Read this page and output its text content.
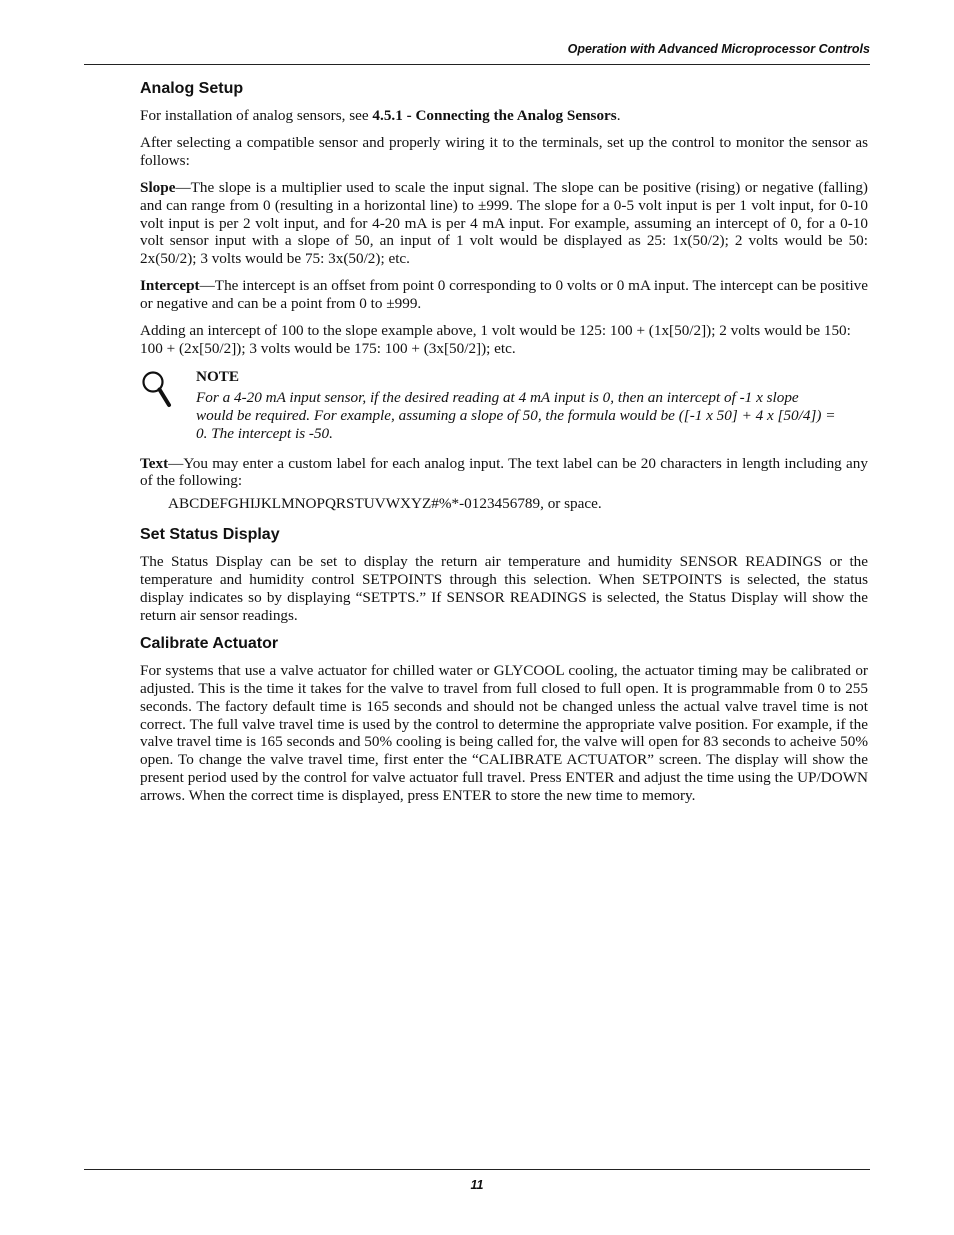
Operation with Advanced Microprocessor Controls
Analog Setup

For installation of analog sensors, see 4.5.1 - Connecting the Analog Sensors.

After selecting a compatible sensor and properly wiring it to the terminals, set up the control to monitor the sensor as follows:

Slope—The slope is a multiplier used to scale the input signal. The slope can be positive (rising) or negative (falling) and can range from 0 (resulting in a horizontal line) to ±999. The slope for a 0-5 volt input is per 1 volt input, for 0-10 volt input is per 2 volt input, and for 4-20 mA is per 4 mA input. For example, assuming an intercept of 0, for a 0-10 volt sensor input with a slope of 50, an input of 1 volt would be displayed as 25: 1x(50/2); 2 volts would be 50: 2x(50/2); 3 volts would be 75: 3x(50/2); etc.

Intercept—The intercept is an offset from point 0 corresponding to 0 volts or 0 mA input. The intercept can be positive or negative and can be a point from 0 to ±999.

Adding an intercept of 100 to the slope example above, 1 volt would be 125: 100 + (1x[50/2]); 2 volts would be 150: 100 + (2x[50/2]); 3 volts would be 175: 100 + (3x[50/2]); etc.

NOTE
For a 4-20 mA input sensor, if the desired reading at 4 mA input is 0, then an intercept of -1 x slope would be required. For example, assuming a slope of 50, the formula would be ([-1 x 50] + 4 x [50/4]) = 0. The intercept is -50.

Text—You may enter a custom label for each analog input. The text label can be 20 characters in length including any of the following:

ABCDEFGHIJKLMNOPQRSTUVWXYZ#%*-0123456789, or space.
Set Status Display

The Status Display can be set to display the return air temperature and humidity SENSOR READINGS or the temperature and humidity control SETPOINTS through this selection. When SETPOINTS is selected, the status display indicates so by displaying “SETPTS.” If SENSOR READINGS is selected, the Status Display will show the return air sensor readings.

Calibrate Actuator

For systems that use a valve actuator for chilled water or GLYCOOL cooling, the actuator timing may be calibrated or adjusted. This is the time it takes for the valve to travel from full closed to full open. It is programmable from 0 to 255 seconds. The factory default time is 165 seconds and should not be changed unless the actual valve travel time is not correct. The full valve travel time is used by the control to determine the appropriate valve position. For example, if the valve travel time is 165 seconds and 50% cooling is being called for, the valve will open for 83 seconds to acheive 50% open. To change the valve travel time, first enter the “CALIBRATE ACTUATOR” screen. The display will show the present period used by the control for valve actuator full travel. Press ENTER and adjust the time using the UP/DOWN arrows. When the correct time is displayed, press ENTER to store the new time to memory.

11
